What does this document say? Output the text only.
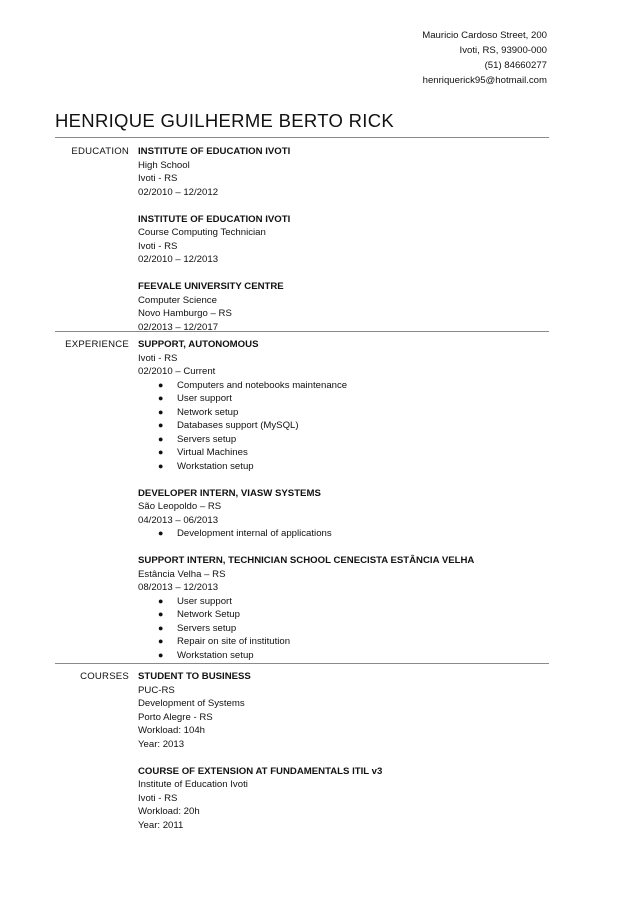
Mauricio Cardoso Street, 200
Ivoti, RS, 93900-000
(51) 84660277
henriquerick95@hotmail.com
HENRIQUE GUILHERME BERTO RICK
EDUCATION INSTITUTE OF EDUCATION IVOTI
High School
Ivoti - RS
02/2010 – 12/2012
INSTITUTE OF EDUCATION IVOTI
Course Computing Technician
Ivoti - RS
02/2010 – 12/2013
FEEVALE UNIVERSITY CENTRE
Computer Science
Novo Hamburgo – RS
02/2013 – 12/2017
EXPERIENCE SUPPORT, AUTONOMOUS
Ivoti - RS
02/2010 – Current
● Computers and notebooks maintenance
● User support
● Network setup
● Databases support (MySQL)
● Servers setup
● Virtual Machines
● Workstation setup
DEVELOPER INTERN, VIASW SYSTEMS
São Leopoldo – RS
04/2013 – 06/2013
● Development internal of applications
SUPPORT INTERN, TECHNICIAN SCHOOL CENECISTA ESTÂNCIA VELHA
Estância Velha – RS
08/2013 – 12/2013
● User support
● Network Setup
● Servers setup
● Repair on site of institution
● Workstation setup
COURSES STUDENT TO BUSINESS
PUC-RS
Development of Systems
Porto Alegre - RS
Workload: 104h
Year: 2013
COURSE OF EXTENSION AT FUNDAMENTALS ITIL v3
Institute of Education Ivoti
Ivoti - RS
Workload: 20h
Year: 2011
